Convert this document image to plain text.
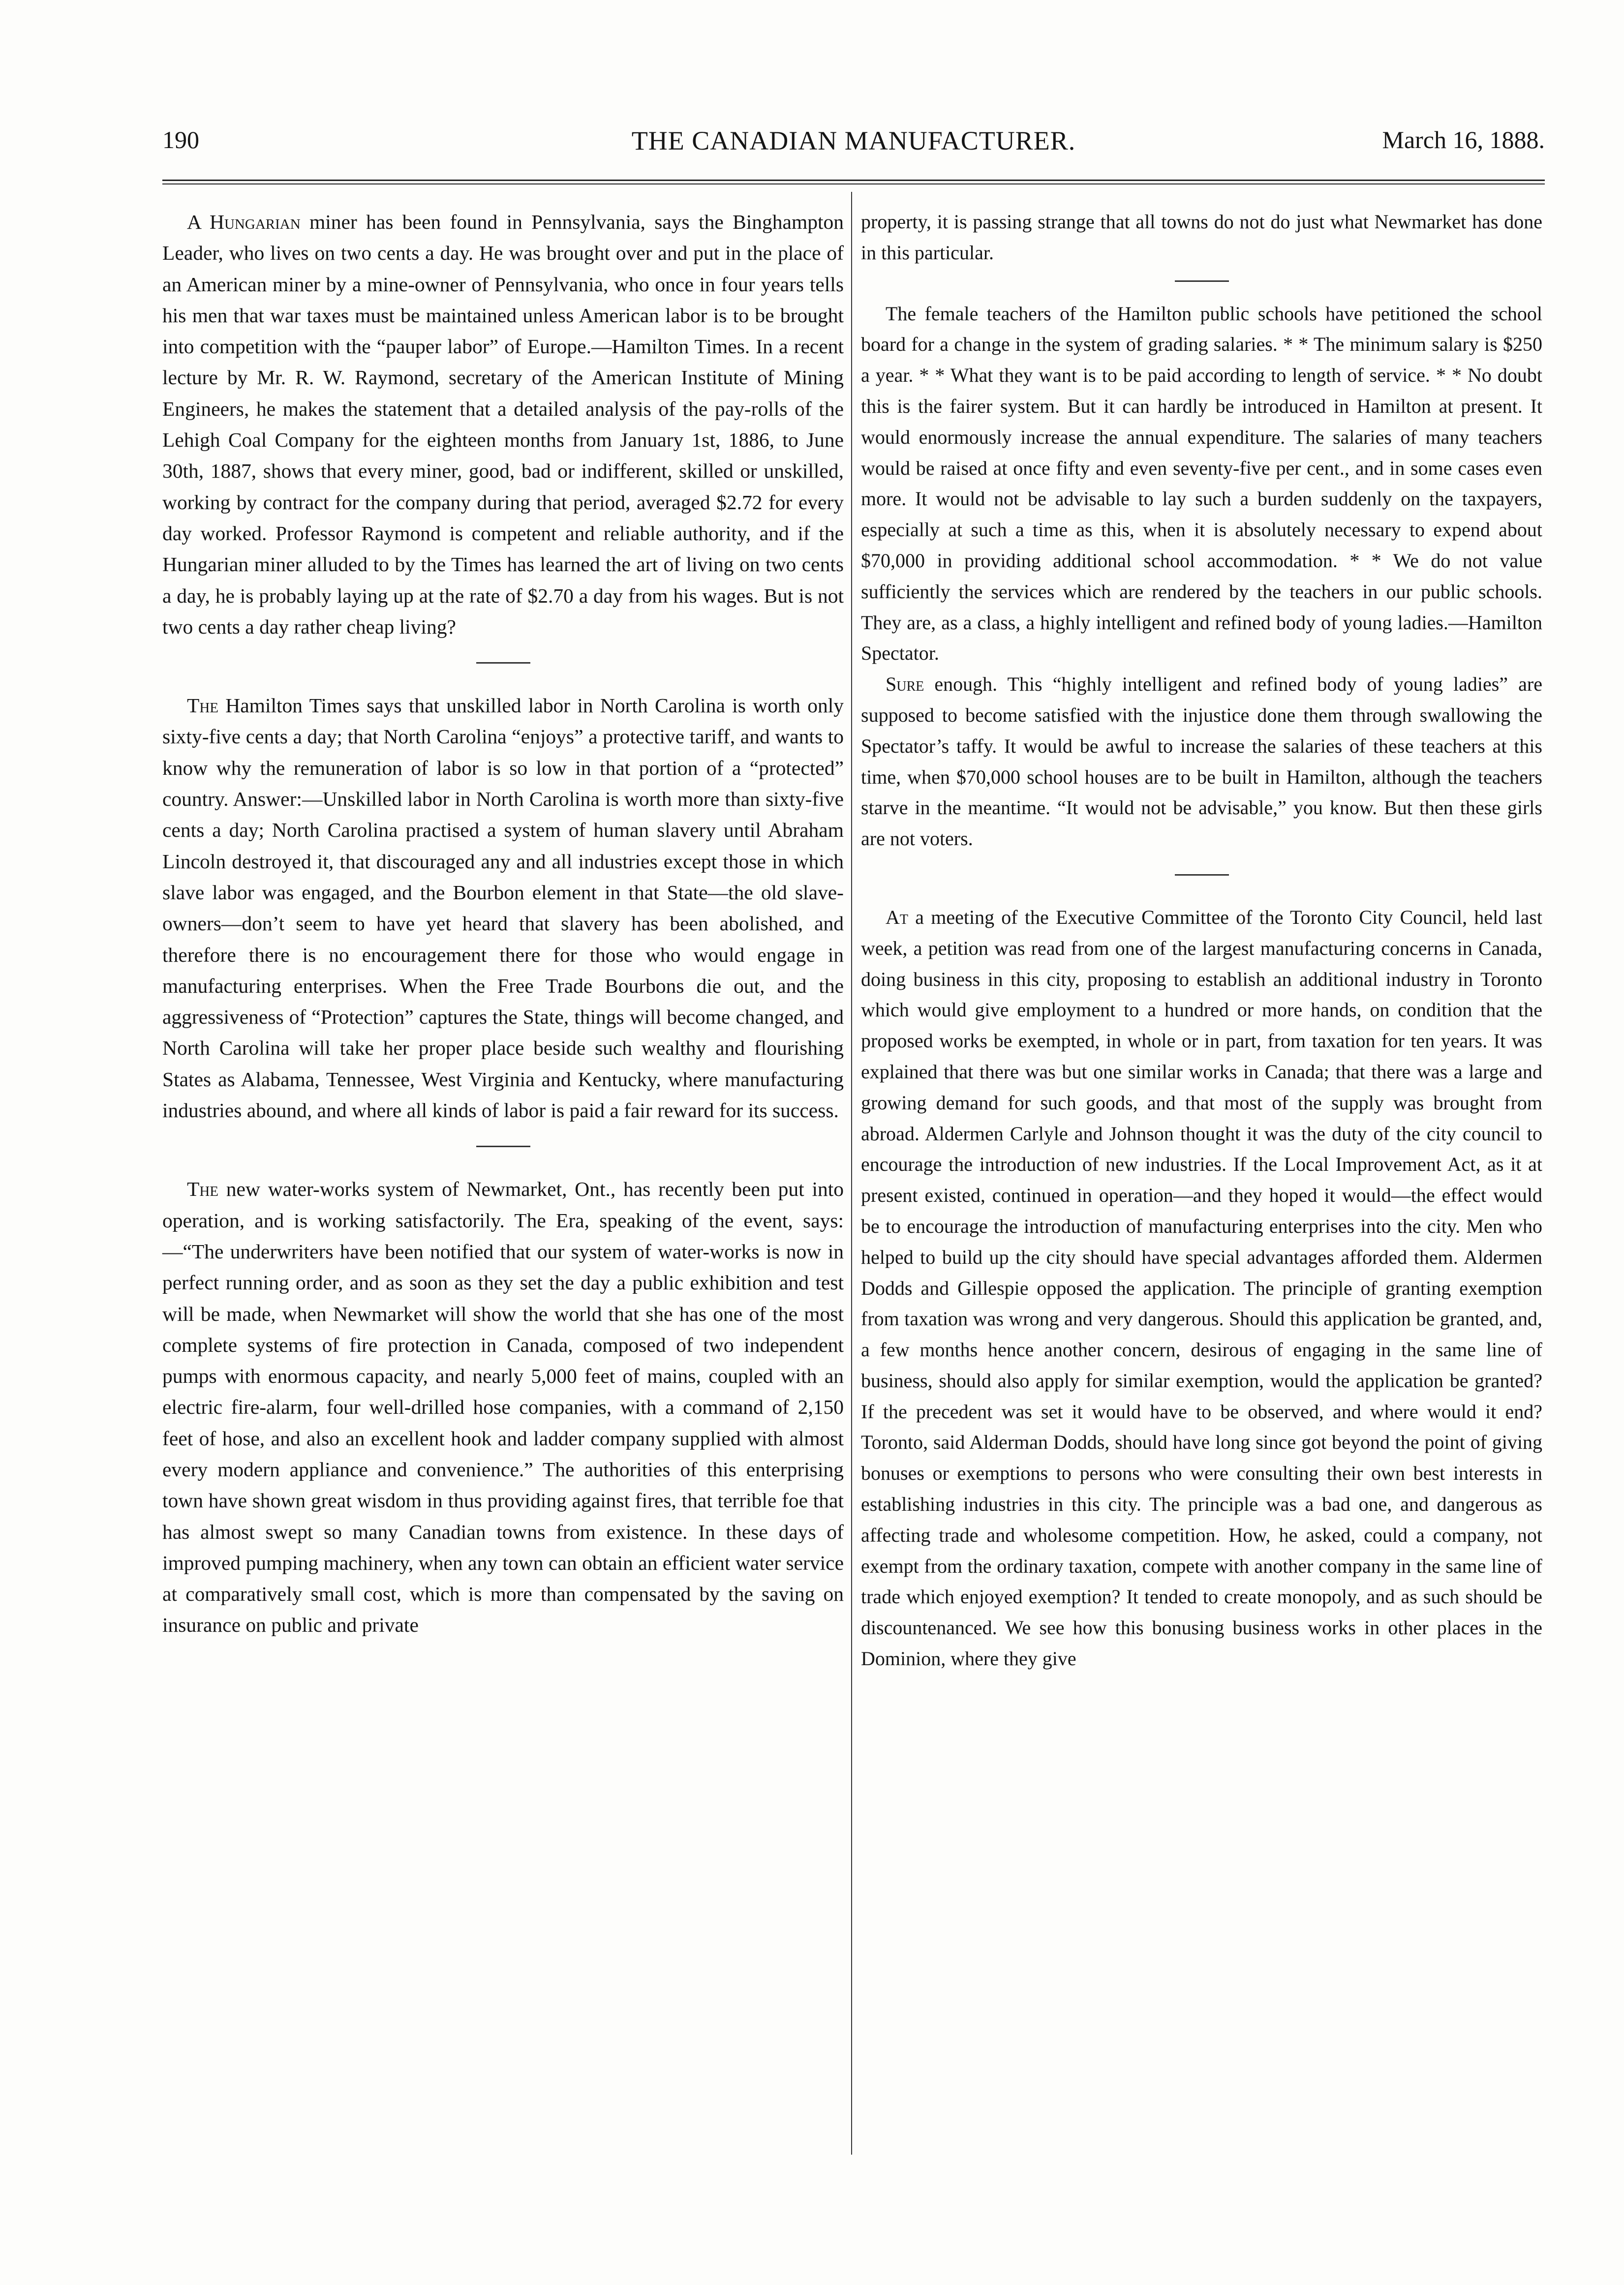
190	THE CANADIAN MANUFACTURER.	March 16, 1888.

A Hungarian miner has been found in Pennsylvania, says the Binghampton Leader, who lives on two cents a day. He was brought over and put in the place of an American miner by a mine-owner of Pennsylvania, who once in four years tells his men that war taxes must be maintained unless American labor is to be brought into competition with the “pauper labor” of Europe.—Hamilton Times. In a recent lecture by Mr. R. W. Raymond, secretary of the American Institute of Mining Engineers, he makes the statement that a detailed analysis of the pay-rolls of the Lehigh Coal Company for the eighteen months from January 1st, 1886, to June 30th, 1887, shows that every miner, good, bad or indifferent, skilled or unskilled, working by contract for the company during that period, averaged $2.72 for every day worked. Professor Raymond is competent and reliable authority, and if the Hungarian miner alluded to by the Times has learned the art of living on two cents a day, he is probably laying up at the rate of $2.70 a day from his wages. But is not two cents a day rather cheap living?

The Hamilton Times says that unskilled labor in North Carolina is worth only sixty-five cents a day; that North Carolina “enjoys” a protective tariff, and wants to know why the remuneration of labor is so low in that portion of a “protected” country. Answer:—Unskilled labor in North Carolina is worth more than sixty-five cents a day; North Carolina practised a system of human slavery until Abraham Lincoln destroyed it, that discouraged any and all industries except those in which slave labor was engaged, and the Bourbon element in that State—the old slave-owners—don’t seem to have yet heard that slavery has been abolished, and therefore there is no encouragement there for those who would engage in manufacturing enterprises. When the Free Trade Bourbons die out, and the aggressiveness of “Protection” captures the State, things will become changed, and North Carolina will take her proper place beside such wealthy and flourishing States as Alabama, Tennessee, West Virginia and Kentucky, where manufacturing industries abound, and where all kinds of labor is paid a fair reward for its success.

The new water-works system of Newmarket, Ont., has recently been put into operation, and is working satisfactorily. The Era, speaking of the event, says:—“The underwriters have been notified that our system of water-works is now in perfect running order, and as soon as they set the day a public exhibition and test will be made, when Newmarket will show the world that she has one of the most complete systems of fire protection in Canada, composed of two independent pumps with enormous capacity, and nearly 5,000 feet of mains, coupled with an electric fire-alarm, four well-drilled hose companies, with a command of 2,150 feet of hose, and also an excellent hook and ladder company supplied with almost every modern appliance and convenience.” The authorities of this enterprising town have shown great wisdom in thus providing against fires, that terrible foe that has almost swept so many Canadian towns from existence. In these days of improved pumping machinery, when any town can obtain an efficient water service at comparatively small cost, which is more than compensated by the saving on insurance on public and private

property, it is passing strange that all towns do not do just what Newmarket has done in this particular.

The female teachers of the Hamilton public schools have petitioned the school board for a change in the system of grading salaries. * * The minimum salary is $250 a year. * * What they want is to be paid according to length of service. * * No doubt this is the fairer system. But it can hardly be introduced in Hamilton at present. It would enormously increase the annual expenditure. The salaries of many teachers would be raised at once fifty and even seventy-five per cent., and in some cases even more. It would not be advisable to lay such a burden suddenly on the taxpayers, especially at such a time as this, when it is absolutely necessary to expend about $70,000 in providing additional school accommodation. * * We do not value sufficiently the services which are rendered by the teachers in our public schools. They are, as a class, a highly intelligent and refined body of young ladies.—Hamilton Spectator.

Sure enough. This “highly intelligent and refined body of young ladies” are supposed to become satisfied with the injustice done them through swallowing the Spectator’s taffy. It would be awful to increase the salaries of these teachers at this time, when $70,000 school houses are to be built in Hamilton, although the teachers starve in the meantime. “It would not be advisable,” you know. But then these girls are not voters.

At a meeting of the Executive Committee of the Toronto City Council, held last week, a petition was read from one of the largest manufacturing concerns in Canada, doing business in this city, proposing to establish an additional industry in Toronto which would give employment to a hundred or more hands, on condition that the proposed works be exempted, in whole or in part, from taxation for ten years. It was explained that there was but one similar works in Canada; that there was a large and growing demand for such goods, and that most of the supply was brought from abroad. Aldermen Carlyle and Johnson thought it was the duty of the city council to encourage the introduction of new industries. If the Local Improvement Act, as it at present existed, continued in operation—and they hoped it would—the effect would be to encourage the introduction of manufacturing enterprises into the city. Men who helped to build up the city should have special advantages afforded them. Aldermen Dodds and Gillespie opposed the application. The principle of granting exemption from taxation was wrong and very dangerous. Should this application be granted, and, a few months hence another concern, desirous of engaging in the same line of business, should also apply for similar exemption, would the application be granted? If the precedent was set it would have to be observed, and where would it end? Toronto, said Alderman Dodds, should have long since got beyond the point of giving bonuses or exemptions to persons who were consulting their own best interests in establishing industries in this city. The principle was a bad one, and dangerous as affecting trade and wholesome competition. How, he asked, could a company, not exempt from the ordinary taxation, compete with another company in the same line of trade which enjoyed exemption? It tended to create monopoly, and as such should be discountenanced. We see how this bonusing business works in other places in the Dominion, where they give
